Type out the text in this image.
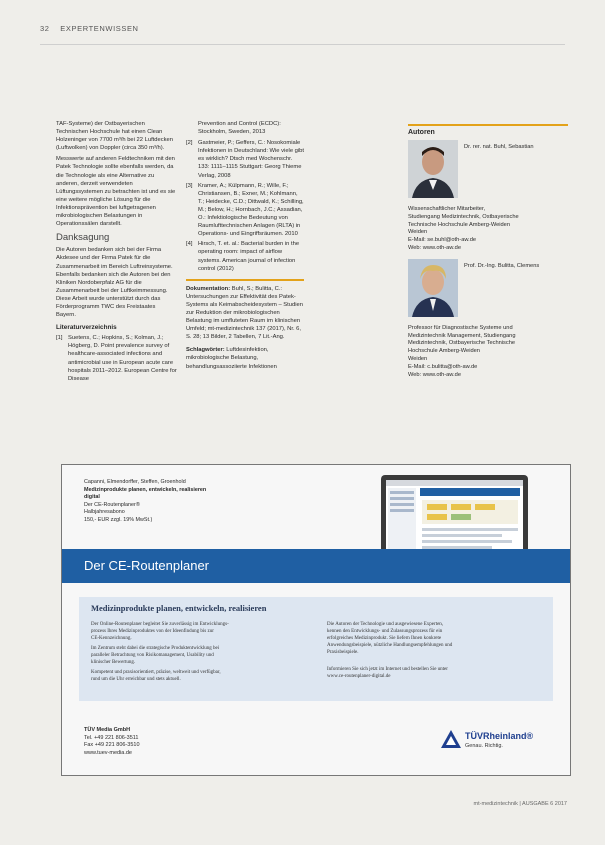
32 EXPERTENWISSEN

TAF-Systeme) der Ostbayerischen Technischen Hochschule hat einen Clean Holzeninger von 7700 m³/h bei 22 Luftdecken (Luftwolken) von Doppler (circa 350 m³/h).

Messwerte auf anderen Feldtechniken mit den Patek Technologie sollte ebenfalls werden, da die Technologie als eine Alternative zu anderen, derzeit verwendeten Lüftungssystemen zu betrachten ist und es sie eine weitere mögliche Lösung für die Infektionsprävention bei luftgetragenen mikrobiologischen Belastungen in Operationssälen darstellt.

Danksagung

Die Autoren bedanken sich bei der Firma Akdesee und der Firma Patek für die Zusammenarbeit im Bereich Luftreinsysteme. Ebenfalls bedanken sich die Autoren bei den Kliniken Nordoberpfalz AG für die Zusammenarbeit bei der Luftkeimmessung. Diese Arbeit wurde unterstützt durch das Förderprogramm TWC des Freistaates Bayern.

Literaturverzeichnis
[1] Suetens, C.; Hopkins, S.; Kolman, J.; Högberg, D. Point prevalence survey of healthcare-associated infections and antimicrobial use in European acute care hospitals 2011–2012. European Centre for Disease

Prevention and Control (ECDC): Stockholm, Sweden, 2013

[2] Gastmeier, P.; Geffers, C.: Nosokomiale Infektionen in Deutschland: Wie viele gibt es wirklich? Dtsch med Wochenschr. 133: 1111–1115 Stuttgart: Georg Thieme Verlag, 2008
[3] Kramer, A.; Külpmann, R.; Wille, F.; Christiansen, B.; Exner, M.; Kohlmann, T.; Heidecke, C.D.; Dittwald, K.; Schilling, M.; Below, H.; Hornbach, J.C.; Assadian, O.: Infektiologische Bedeutung von Raumlufttechnischen Anlagen (RLTA) in Operations- und Eingriffsräumen. 2010
[4] Hirsch, T. et. al.: Bacterial burden in the operating room: impact of airflow systems. American journal of infection control (2012)

Dokumentation: Buhl, S.; Bulitta, C.: Untersuchungen zur Effektivität des Patek-Systems als Keimabscheidesystem – Studien zur Reduktion der mikrobiologischen Belastung im umfluteten Raum im klinischen Umfeld; mt-medizintechnik 137 (2017), Nr. 6, S. 28; 13 Bilder, 2 Tabellen, 7 Lit.-Ang.

Schlagwörter: Luftdesinfektion, mikrobiologische Belastung, behandlungsassoziierte Infektionen

Autoren
Dr. rer. nat. Buhl, Sebastian
Wissenschaftlicher Mitarbeiter,
Studiengang Medizintechnik, Ostbayerische
Technische Hochschule Amberg-Weiden
Weiden
E-Mail: se.buhl@oth-aw.de
Web: www.oth-aw.de
Prof. Dr.-Ing. Bulitta, Clemens
Professor für Diagnostische Systeme und
Medizintechnik Management, Studiengang
Medizintechnik, Ostbayerische Technische
Hochschule Amberg-Weiden
Weiden
E-Mail: c.bulitta@oth-aw.de
Web: www.oth-aw.de
Capanni, Elmendorffer, Steffen, Groenhold
Medizinprodukte planen, entwickeln, realisieren
digital
Der CE-Routenplaner®
Halbjahresabono
150,- EUR zzgl. 19% MwSt.)
Der CE-Routenplaner
Medizinprodukte planen, entwickeln, realisieren
Der Online-Routenplaner begleitet Sie zuverlässig im Entwicklungs-
prozess Ihres Medizinproduktes von der Ideenfindung bis zur
CE-Kennzeichnung.
Im Zentrum steht dabei die strategische Produktentwicklung bei
paralleler Betrachtung von Risikomanagement, Usability und
klinischer Bewertung.
Kompetent und praxisorientiert, präzise, weltweit und verfügbar,
rund um die Uhr erreichbar und stets aktuell.
Die Autoren der Technologie und ausgewiesene Experten,
kennen den Entwicklungs- und Zulassungsprozess für ein
erfolgreiches Medizinprodukt. Sie liefern Ihnen konkrete
Anwendungsbeispiele, nützliche Handlungsempfehlungen und
Praxisbeispiele.
Informieren Sie sich jetzt im Internet und bestellen Sie unter
www.ce-routenplaner-digital.de
TÜV Media GmbH
Tel. +49 221 806-3511
Fax +49 221 806-3510
www.tuev-media.de
TÜVRheinland®
Genau. Richtig.
mt-medizintechnik | AUSGABE 6 2017
